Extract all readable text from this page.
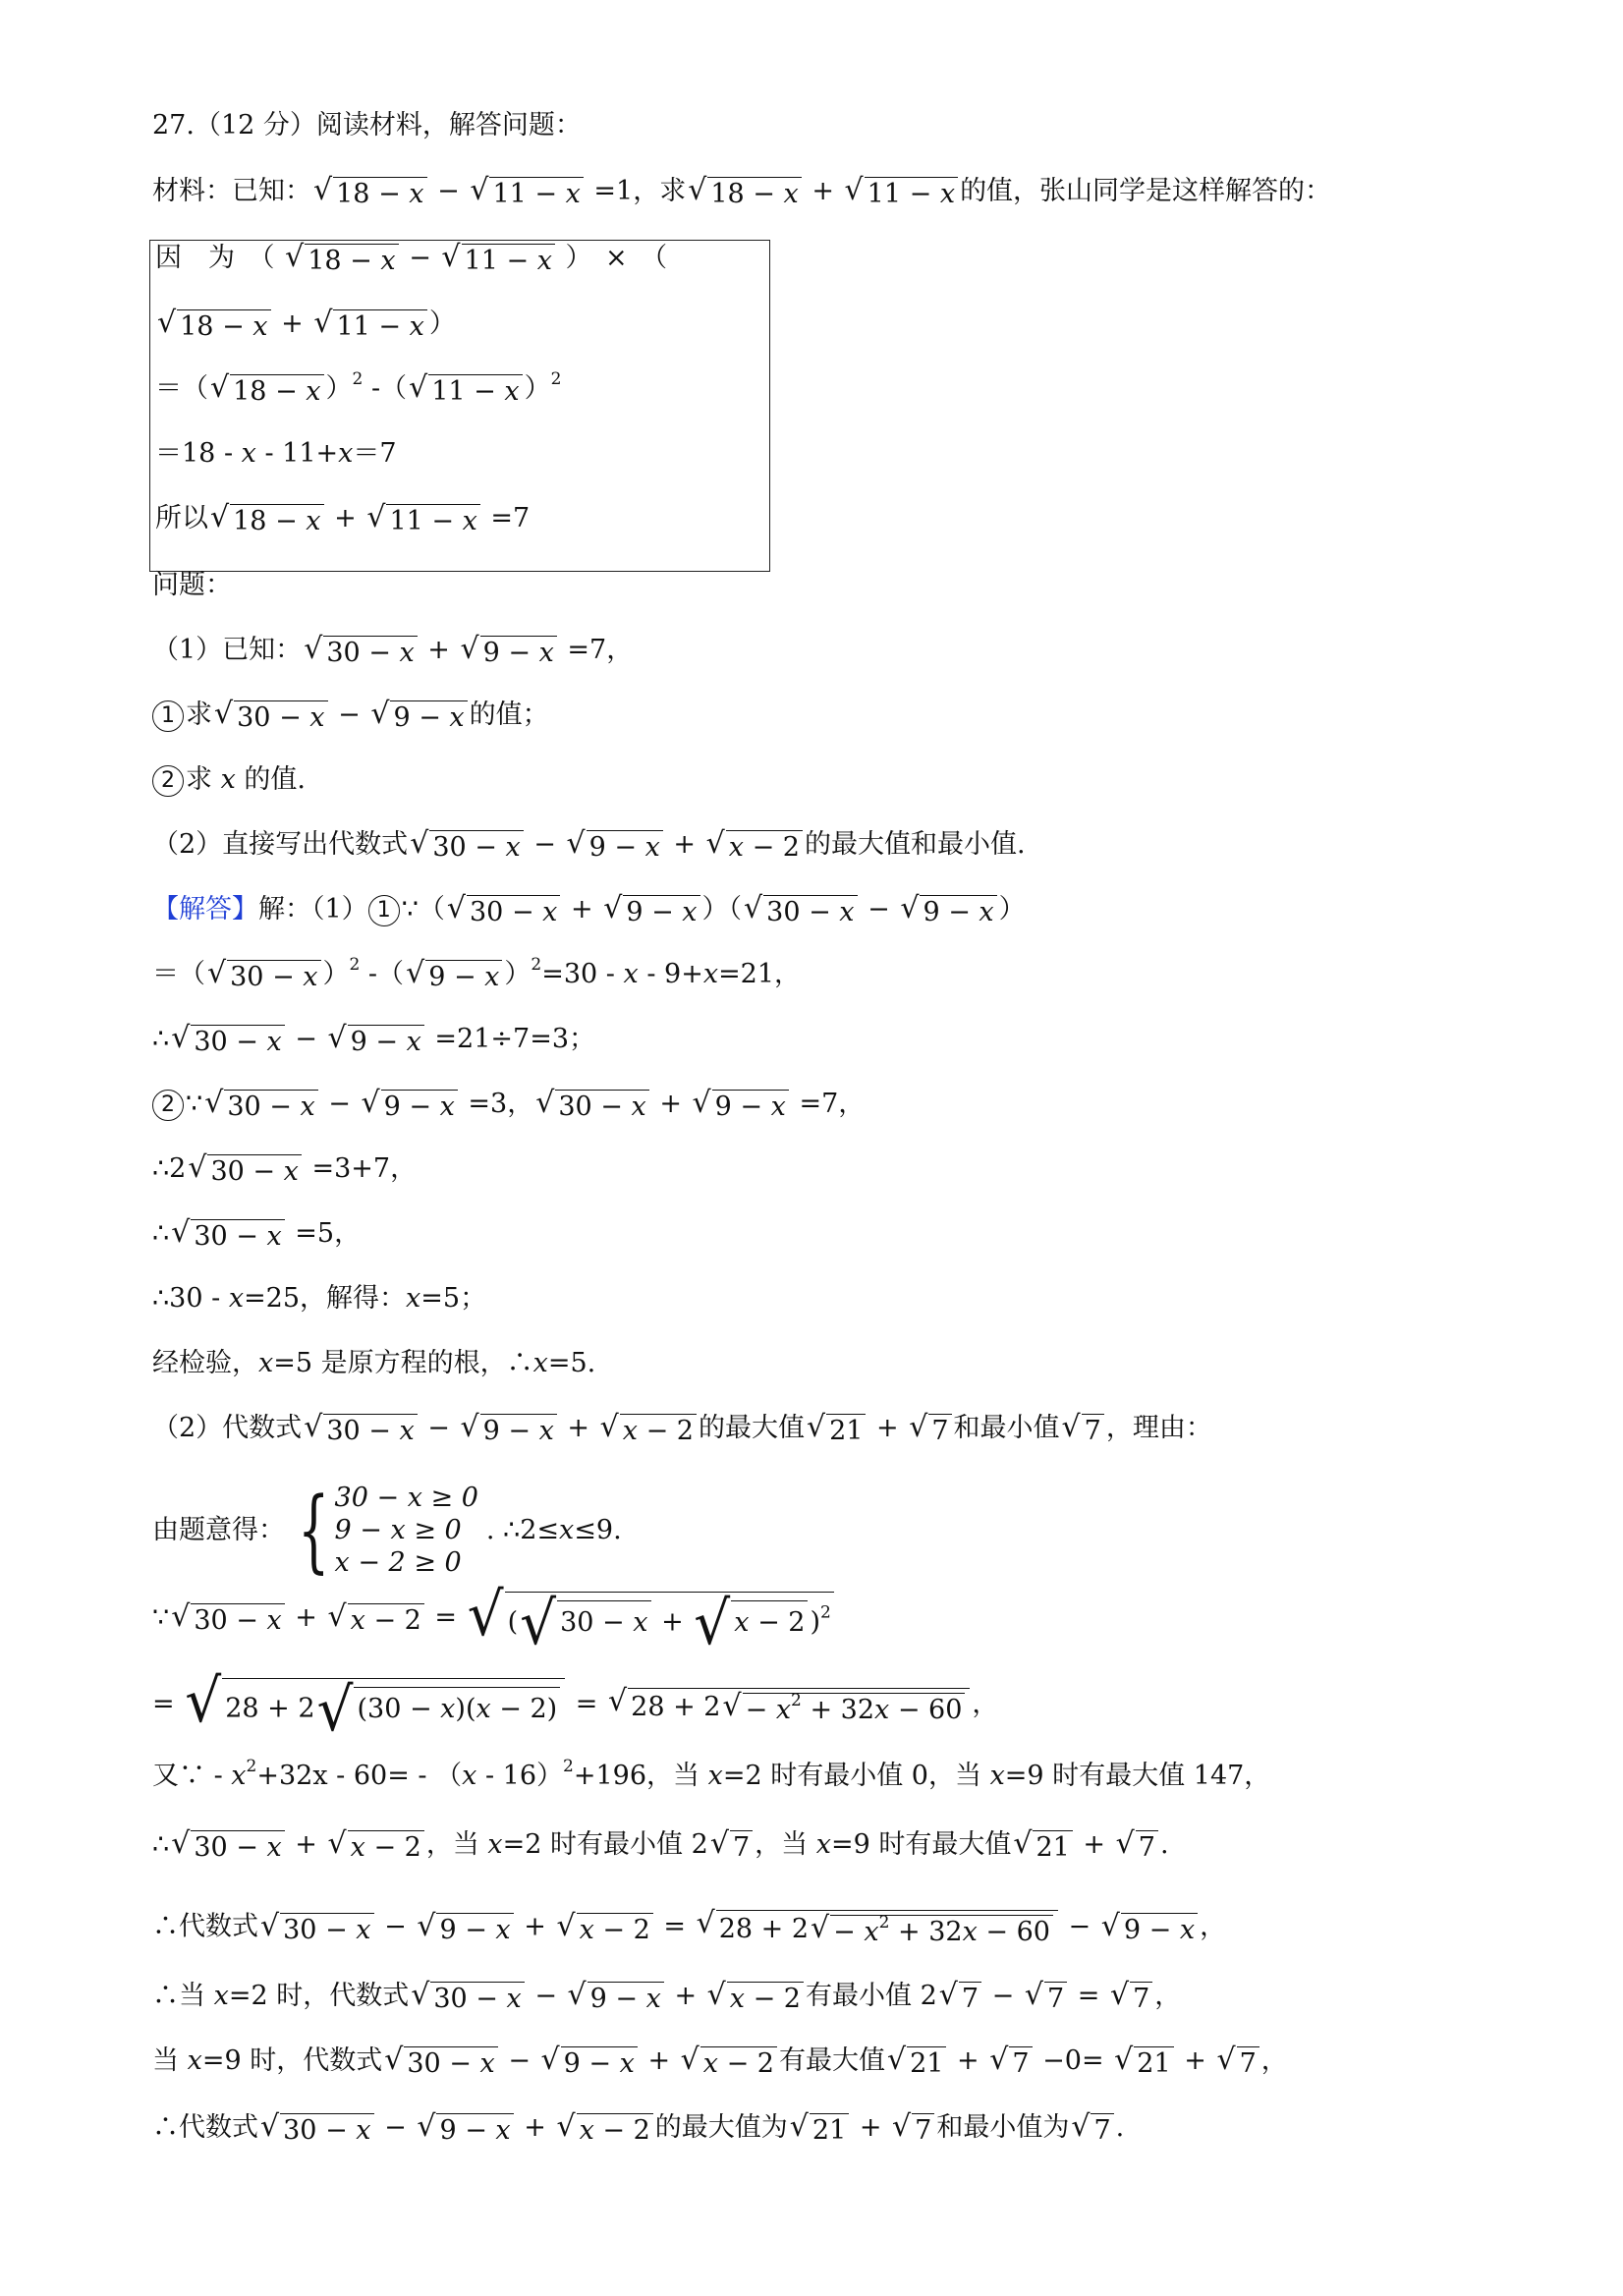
27.（12 分）阅读材料，解答问题：
材料：已知： √ 18 − x − √ 11 − x =1，求 √ 18 − x + √ 11 − x 的值，张山同学是这样解答的：
因　为　（ √ 18 − x − √ 11 − x ）　×　（
√ 18 − x + √ 11 − x ）
＝（ √ 18 − x ）$^2$ -（ √ 11 − x ）$^2$
＝18 - x - 11+x＝7
所以 √ 18 − x + √ 11 − x =7
问题：
（1）已知： √ 30 − x + √ 9 − x =7，
1 求 √ 30 − x − √ 9 − x 的值；
2 求 x 的值.
（2）直接写出代数式 √ 30 − x − √ 9 − x + √ x − 2 的最大值和最小值.
【解答】解：（1） 1 ∵（ √ 30 − x + √ 9 − x ）（ √ 30 − x − √ 9 − x ）
＝（ √ 30 − x ）$^2$ -（ √ 9 − x ）$^2$=30 - x - 9+x=21，
∴ √ 30 − x − √ 9 − x =21÷7=3；
2 ∵ √ 30 − x − √ 9 − x =3， √ 30 − x + √ 9 − x =7，
∴2 √ 30 − x =3+7，
∴ √ 30 − x =5，
∴30 - x=25，解得：x=5；
经检验，x=5 是原方程的根，∴x=5.
（2）代数式 √ 30 − x − √ 9 − x + √ x − 2 的最大值 √ 21 + √ 7 和最小值 √ 7 ，理由：
∵ √ 30 − x + √ x − 2 = √ ( √ 30 − x + √ x − 2 )$^2$
= √ 28 + 2 √ (30 − x)(x − 2) = √ 28 + 2 √ − $x^2 + 32x - 60$ ，
又∵ - $x^2+32x - 60= - (x - 16)^2+196$，当 x=2 时有最小值 0，当 x=9 时有最大值 147，
∴ √ 30 − x + √ x − 2 ，当 x=2 时有最小值 2 √ 7 ，当 x=9 时有最大值 √ 21 + √ 7 .
∴代数式 √ 30 − x − √ 9 − x + √ x − 2 = √ 28 + 2 √ − $x^2 + 32x - 60$ − √ 9 − x ，
∴当 x=2 时，代数式 √ 30 − x − √ 9 − x + √ x − 2 有最小值 2 √ 7 − √ 7 = √ 7 ，
当 x=9 时，代数式 √ 30 − x − √ 9 − x + √ x − 2 有最大值 √ 21 + √ 7 −0= √ 21 + √ 7 ，
∴代数式 √ 30 − x − √ 9 − x + √ x − 2 的最大值为 √ 21 + √ 7 和最小值为 √ 7 .
由题意得： { 30 − x ≥ 0
9 − x ≥ 0
x − 2 ≥ 0
. ∴2≤x≤9.
